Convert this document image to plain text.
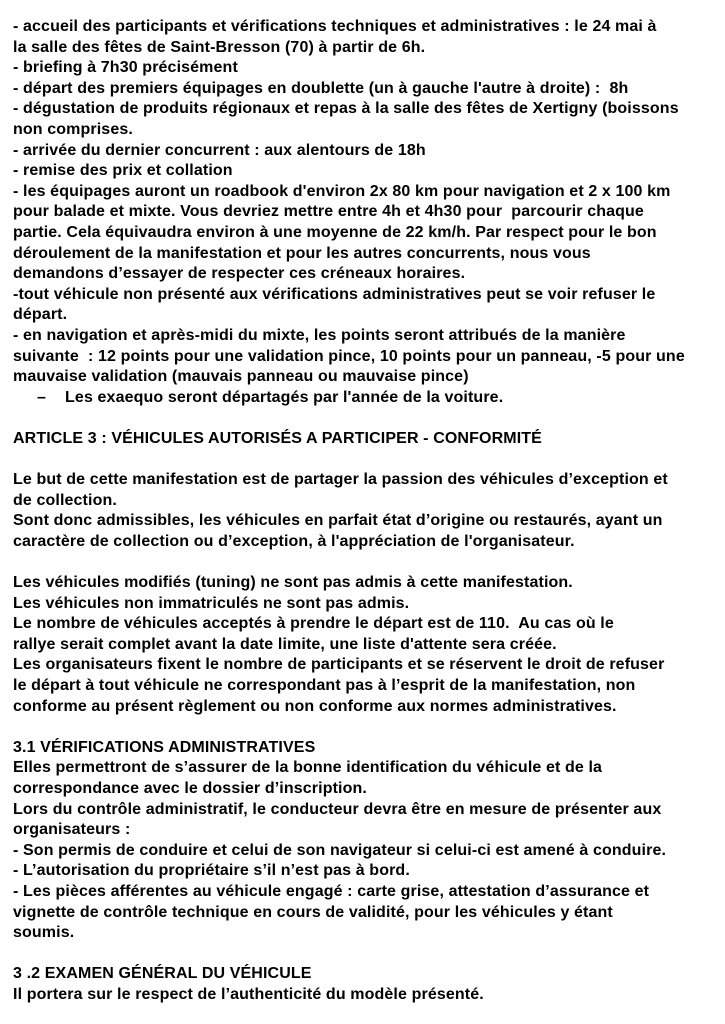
- accueil des participants et vérifications techniques et administratives : le 24 mai à
la salle des fêtes de Saint-Bresson (70) à partir de 6h.
- briefing à 7h30 précisément
- départ des premiers équipages en doublette (un à gauche l'autre à droite) :  8h
- dégustation de produits régionaux et repas à la salle des fêtes de Xertigny (boissons
non comprises.
- arrivée du dernier concurrent : aux alentours de 18h
- remise des prix et collation
- les équipages auront un roadbook d'environ 2x 80 km pour navigation et 2 x 100 km
pour balade et mixte. Vous devriez mettre entre 4h et 4h30 pour  parcourir chaque
partie. Cela équivaudra environ à une moyenne de 22 km/h. Par respect pour le bon
déroulement de la manifestation et pour les autres concurrents, nous vous
demandons d’essayer de respecter ces créneaux horaires.
-tout véhicule non présenté aux vérifications administratives peut se voir refuser le
départ.
- en navigation et après-midi du mixte, les points seront attribués de la manière
suivante  : 12 points pour une validation pince, 10 points pour un panneau, -5 pour une
mauvaise validation (mauvais panneau ou mauvaise pince)
– Les exaequo seront départagés par l'année de la voiture.
ARTICLE 3 : VÉHICULES AUTORISÉS A PARTICIPER - CONFORMITÉ
Le but de cette manifestation est de partager la passion des véhicules d’exception et
de collection.
Sont donc admissibles, les véhicules en parfait état d’origine ou restaurés, ayant un
caractère de collection ou d’exception, à l'appréciation de l'organisateur.
Les véhicules modifiés (tuning) ne sont pas admis à cette manifestation.
Les véhicules non immatriculés ne sont pas admis.
Le nombre de véhicules acceptés à prendre le départ est de 110.  Au cas où le
rallye serait complet avant la date limite, une liste d'attente sera créée.
Les organisateurs fixent le nombre de participants et se réservent le droit de refuser
le départ à tout véhicule ne correspondant pas à l’esprit de la manifestation, non
conforme au présent règlement ou non conforme aux normes administratives.
3.1 VÉRIFICATIONS ADMINISTRATIVES
Elles permettront de s’assurer de la bonne identification du véhicule et de la
correspondance avec le dossier d’inscription.
Lors du contrôle administratif, le conducteur devra être en mesure de présenter aux
organisateurs :
- Son permis de conduire et celui de son navigateur si celui-ci est amené à conduire.
- L’autorisation du propriétaire s’il n’est pas à bord.
- Les pièces afférentes au véhicule engagé : carte grise, attestation d’assurance et
vignette de contrôle technique en cours de validité, pour les véhicules y étant
soumis.
3 .2 EXAMEN GÉNÉRAL DU VÉHICULE
Il portera sur le respect de l’authenticité du modèle présenté.
